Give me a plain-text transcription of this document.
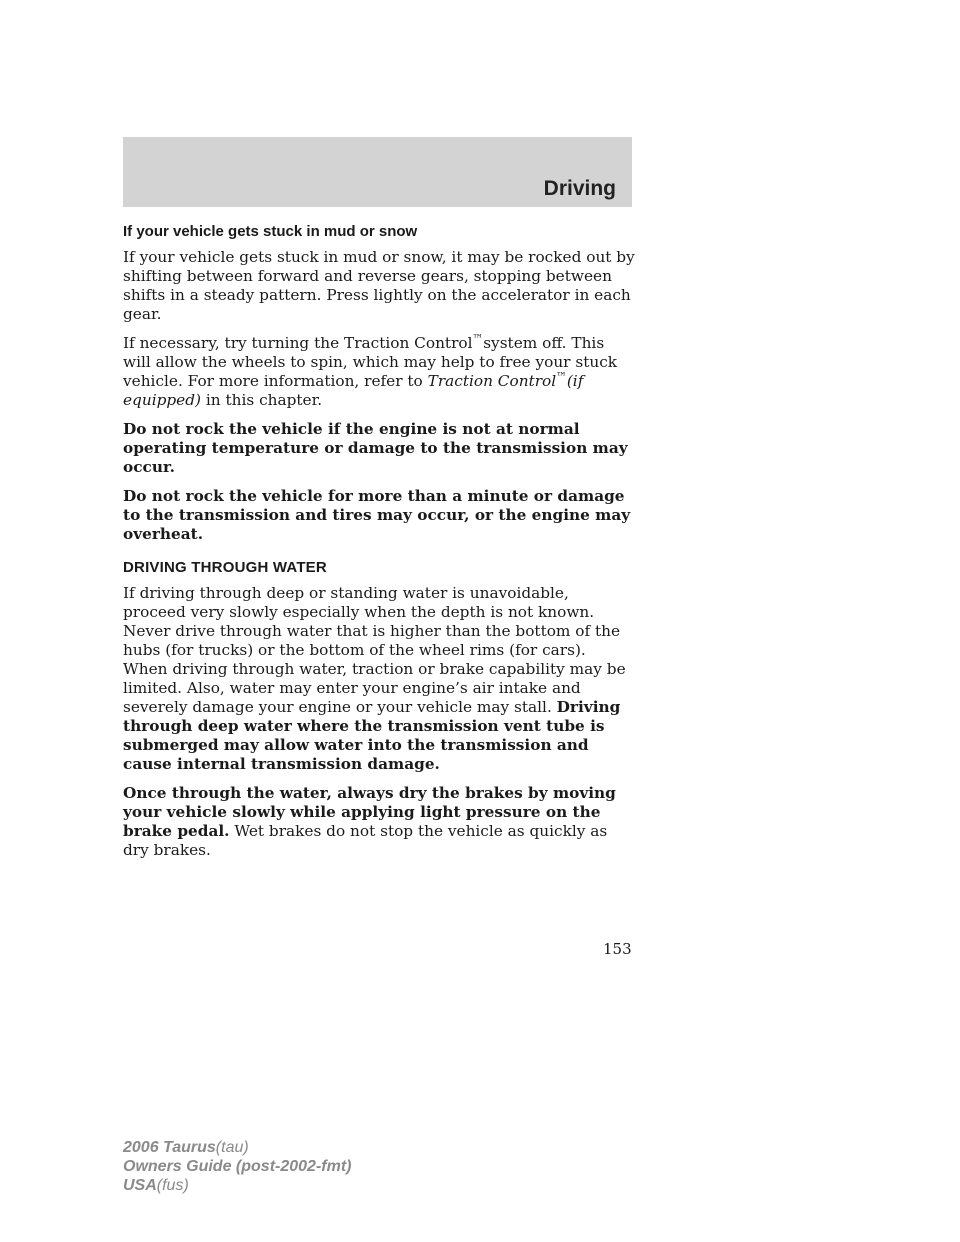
Driving
If your vehicle gets stuck in mud or snow

If your vehicle gets stuck in mud or snow, it may be rocked out by shifting between forward and reverse gears, stopping between shifts in a steady pattern. Press lightly on the accelerator in each gear.

If necessary, try turning the Traction Control™system off. This will allow the wheels to spin, which may help to free your stuck vehicle. For more information, refer to Traction Control™(if equipped) in this chapter.

Do not rock the vehicle if the engine is not at normal operating temperature or damage to the transmission may occur.

Do not rock the vehicle for more than a minute or damage to the transmission and tires may occur, or the engine may overheat.

DRIVING THROUGH WATER

If driving through deep or standing water is unavoidable, proceed very slowly especially when the depth is not known. Never drive through water that is higher than the bottom of the hubs (for trucks) or the bottom of the wheel rims (for cars). When driving through water, traction or brake capability may be limited. Also, water may enter your engine’s air intake and severely damage your engine or your vehicle may stall. Driving through deep water where the transmission vent tube is submerged may allow water into the transmission and cause internal transmission damage.

Once through the water, always dry the brakes by moving your vehicle slowly while applying light pressure on the brake pedal. Wet brakes do not stop the vehicle as quickly as dry brakes.

153
2006 Taurus(tau)
Owners Guide (post-2002-fmt)
USA(fus)
